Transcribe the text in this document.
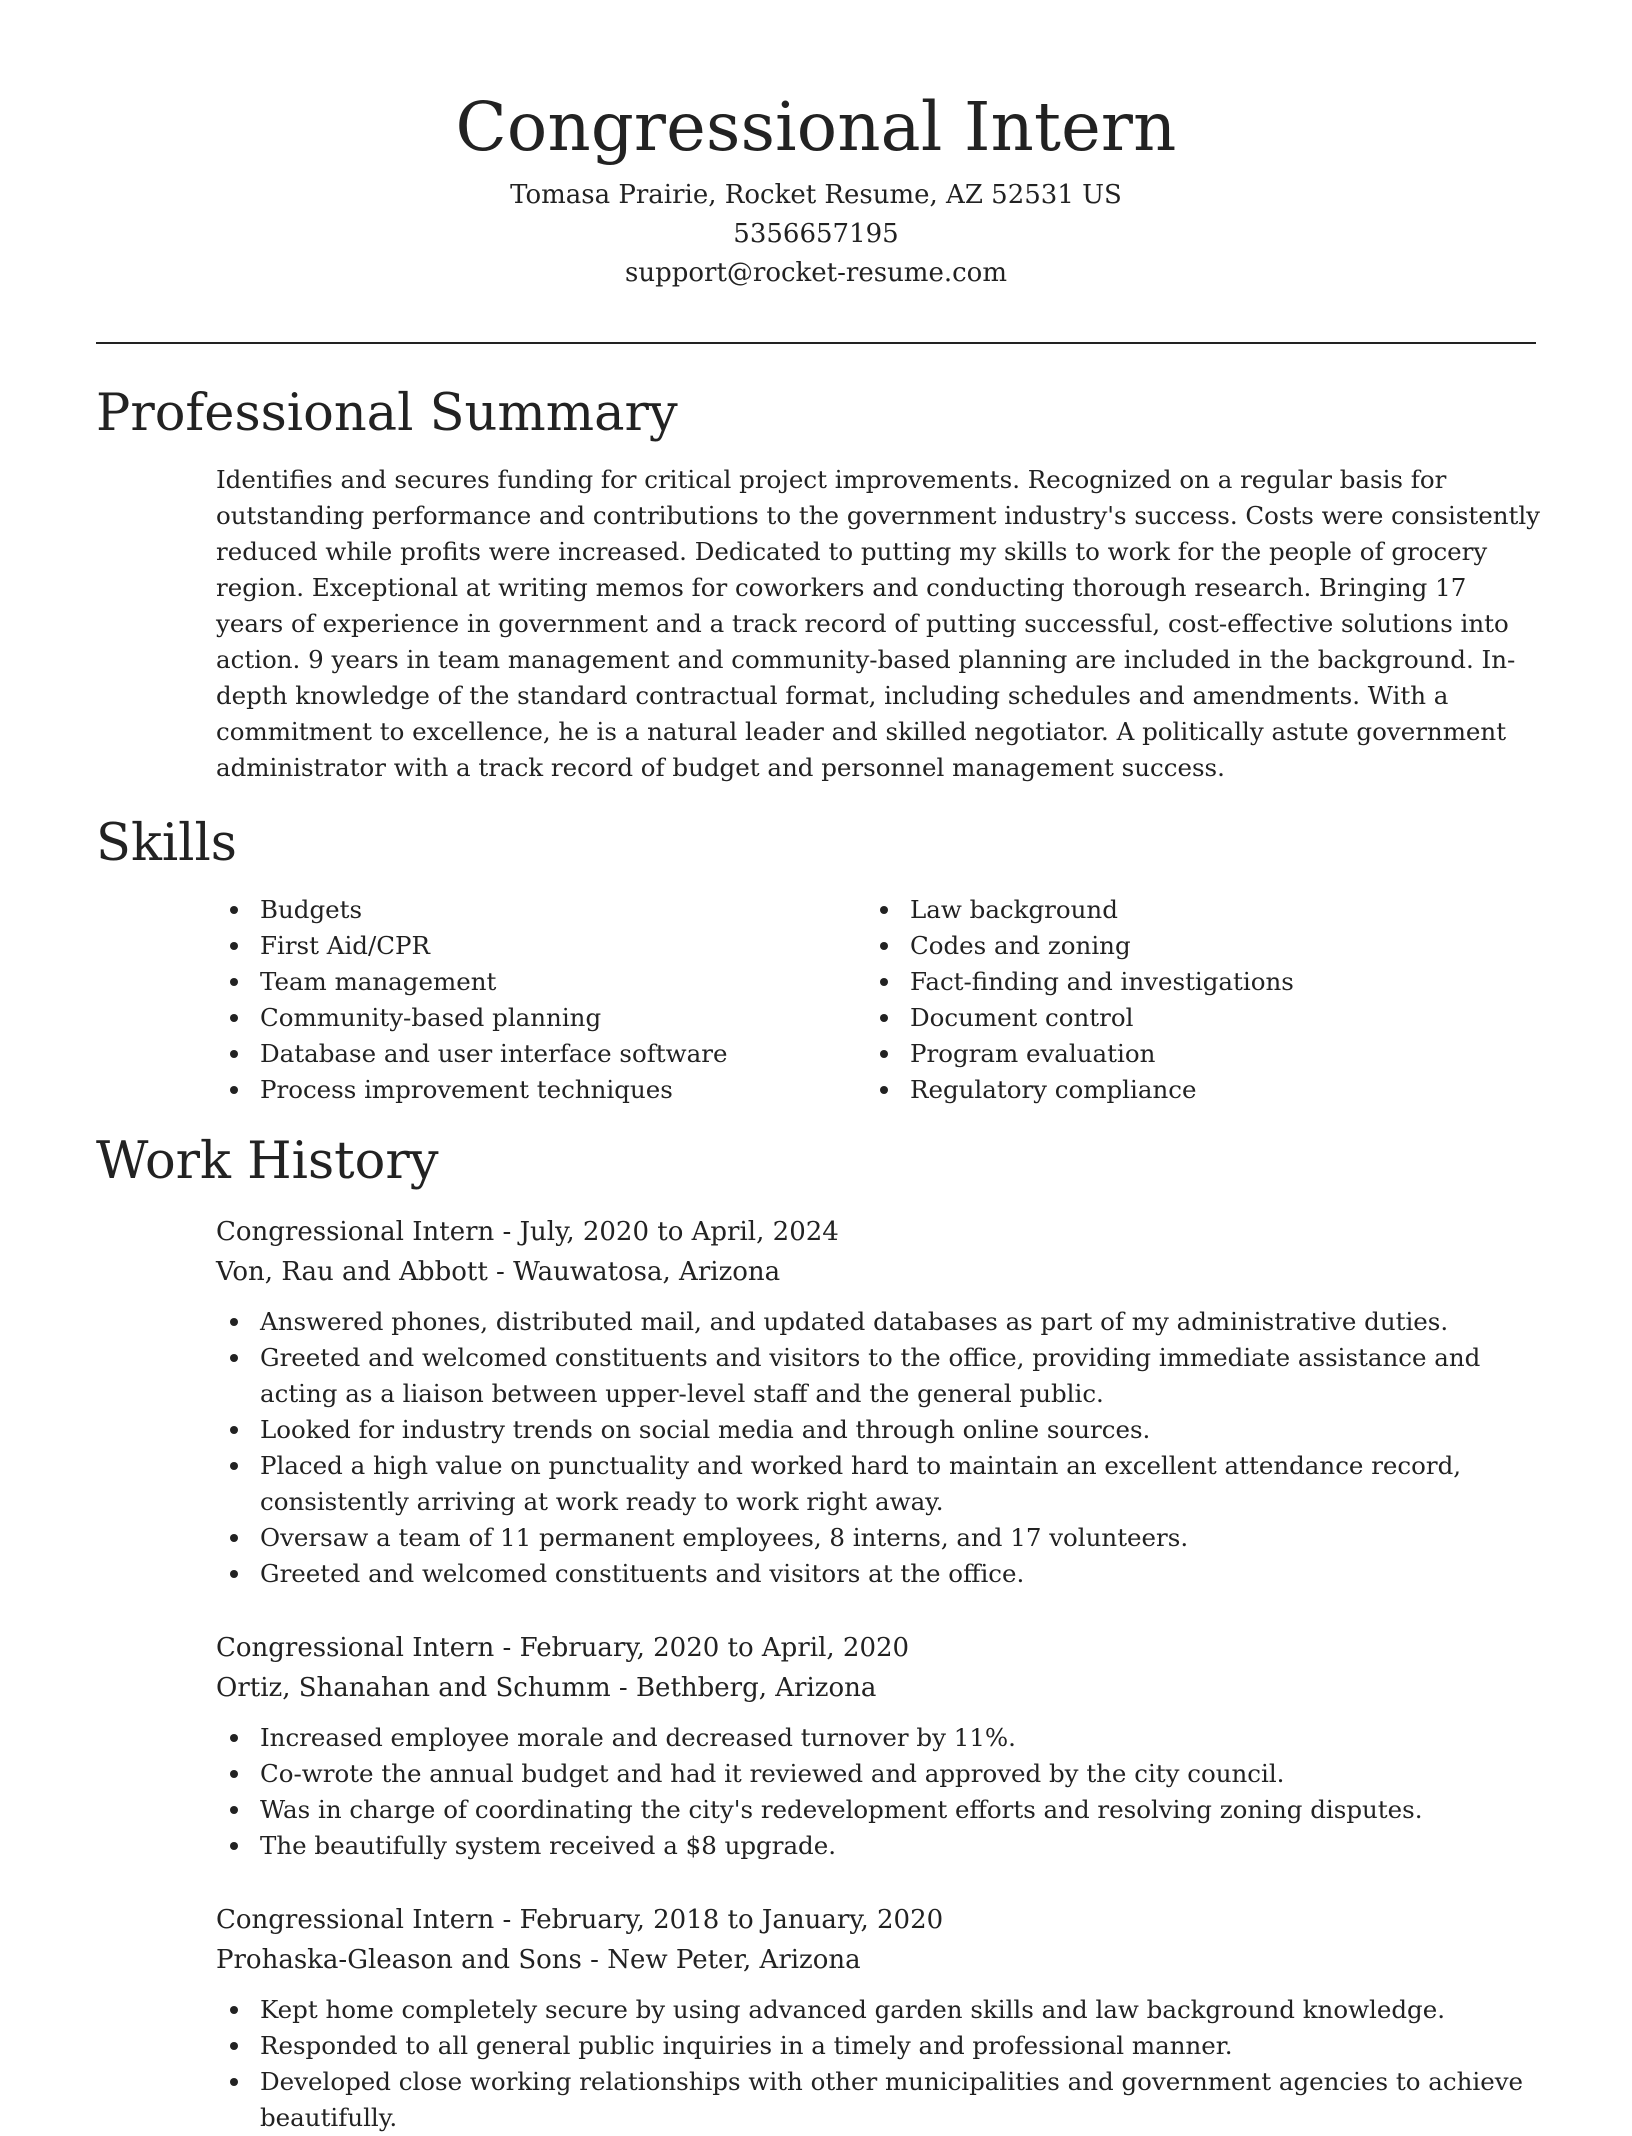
Congressional Intern

Tomasa Prairie, Rocket Resume, AZ 52531 US

5356657195

support@rocket-resume.com

Professional Summary

Identifies and secures funding for critical project improvements. Recognized on a regular basis for outstanding performance and contributions to the government industry's success. Costs were consistently reduced while profits were increased. Dedicated to putting my skills to work for the people of grocery region. Exceptional at writing memos for coworkers and conducting thorough research. Bringing 17 years of experience in government and a track record of putting successful, cost-effective solutions into action. 9 years in team management and community-based planning are included in the background. In-depth knowledge of the standard contractual format, including schedules and amendments. With a commitment to excellence, he is a natural leader and skilled negotiator. A politically astute government administrator with a track record of budget and personnel management success.

Skills
Budgets
First Aid/CPR
Team management
Community-based planning
Database and user interface software
Process improvement techniques
Law background
Codes and zoning
Fact-finding and investigations
Document control
Program evaluation
Regulatory compliance
Work History

Congressional Intern - July, 2020 to April, 2024

Von, Rau and Abbott - Wauwatosa, Arizona

Answered phones, distributed mail, and updated databases as part of my administrative duties.
Greeted and welcomed constituents and visitors to the office, providing immediate assistance and acting as a liaison between upper-level staff and the general public.
Looked for industry trends on social media and through online sources.
Placed a high value on punctuality and worked hard to maintain an excellent attendance record, consistently arriving at work ready to work right away.
Oversaw a team of 11 permanent employees, 8 interns, and 17 volunteers.
Greeted and welcomed constituents and visitors at the office.

Congressional Intern - February, 2020 to April, 2020

Ortiz, Shanahan and Schumm - Bethberg, Arizona

Increased employee morale and decreased turnover by 11%.
Co-wrote the annual budget and had it reviewed and approved by the city council.
Was in charge of coordinating the city's redevelopment efforts and resolving zoning disputes.
The beautifully system received a $8 upgrade.

Congressional Intern - February, 2018 to January, 2020

Prohaska-Gleason and Sons - New Peter, Arizona

Kept home completely secure by using advanced garden skills and law background knowledge.
Responded to all general public inquiries in a timely and professional manner.
Developed close working relationships with other municipalities and government agencies to achieve beautifully.
